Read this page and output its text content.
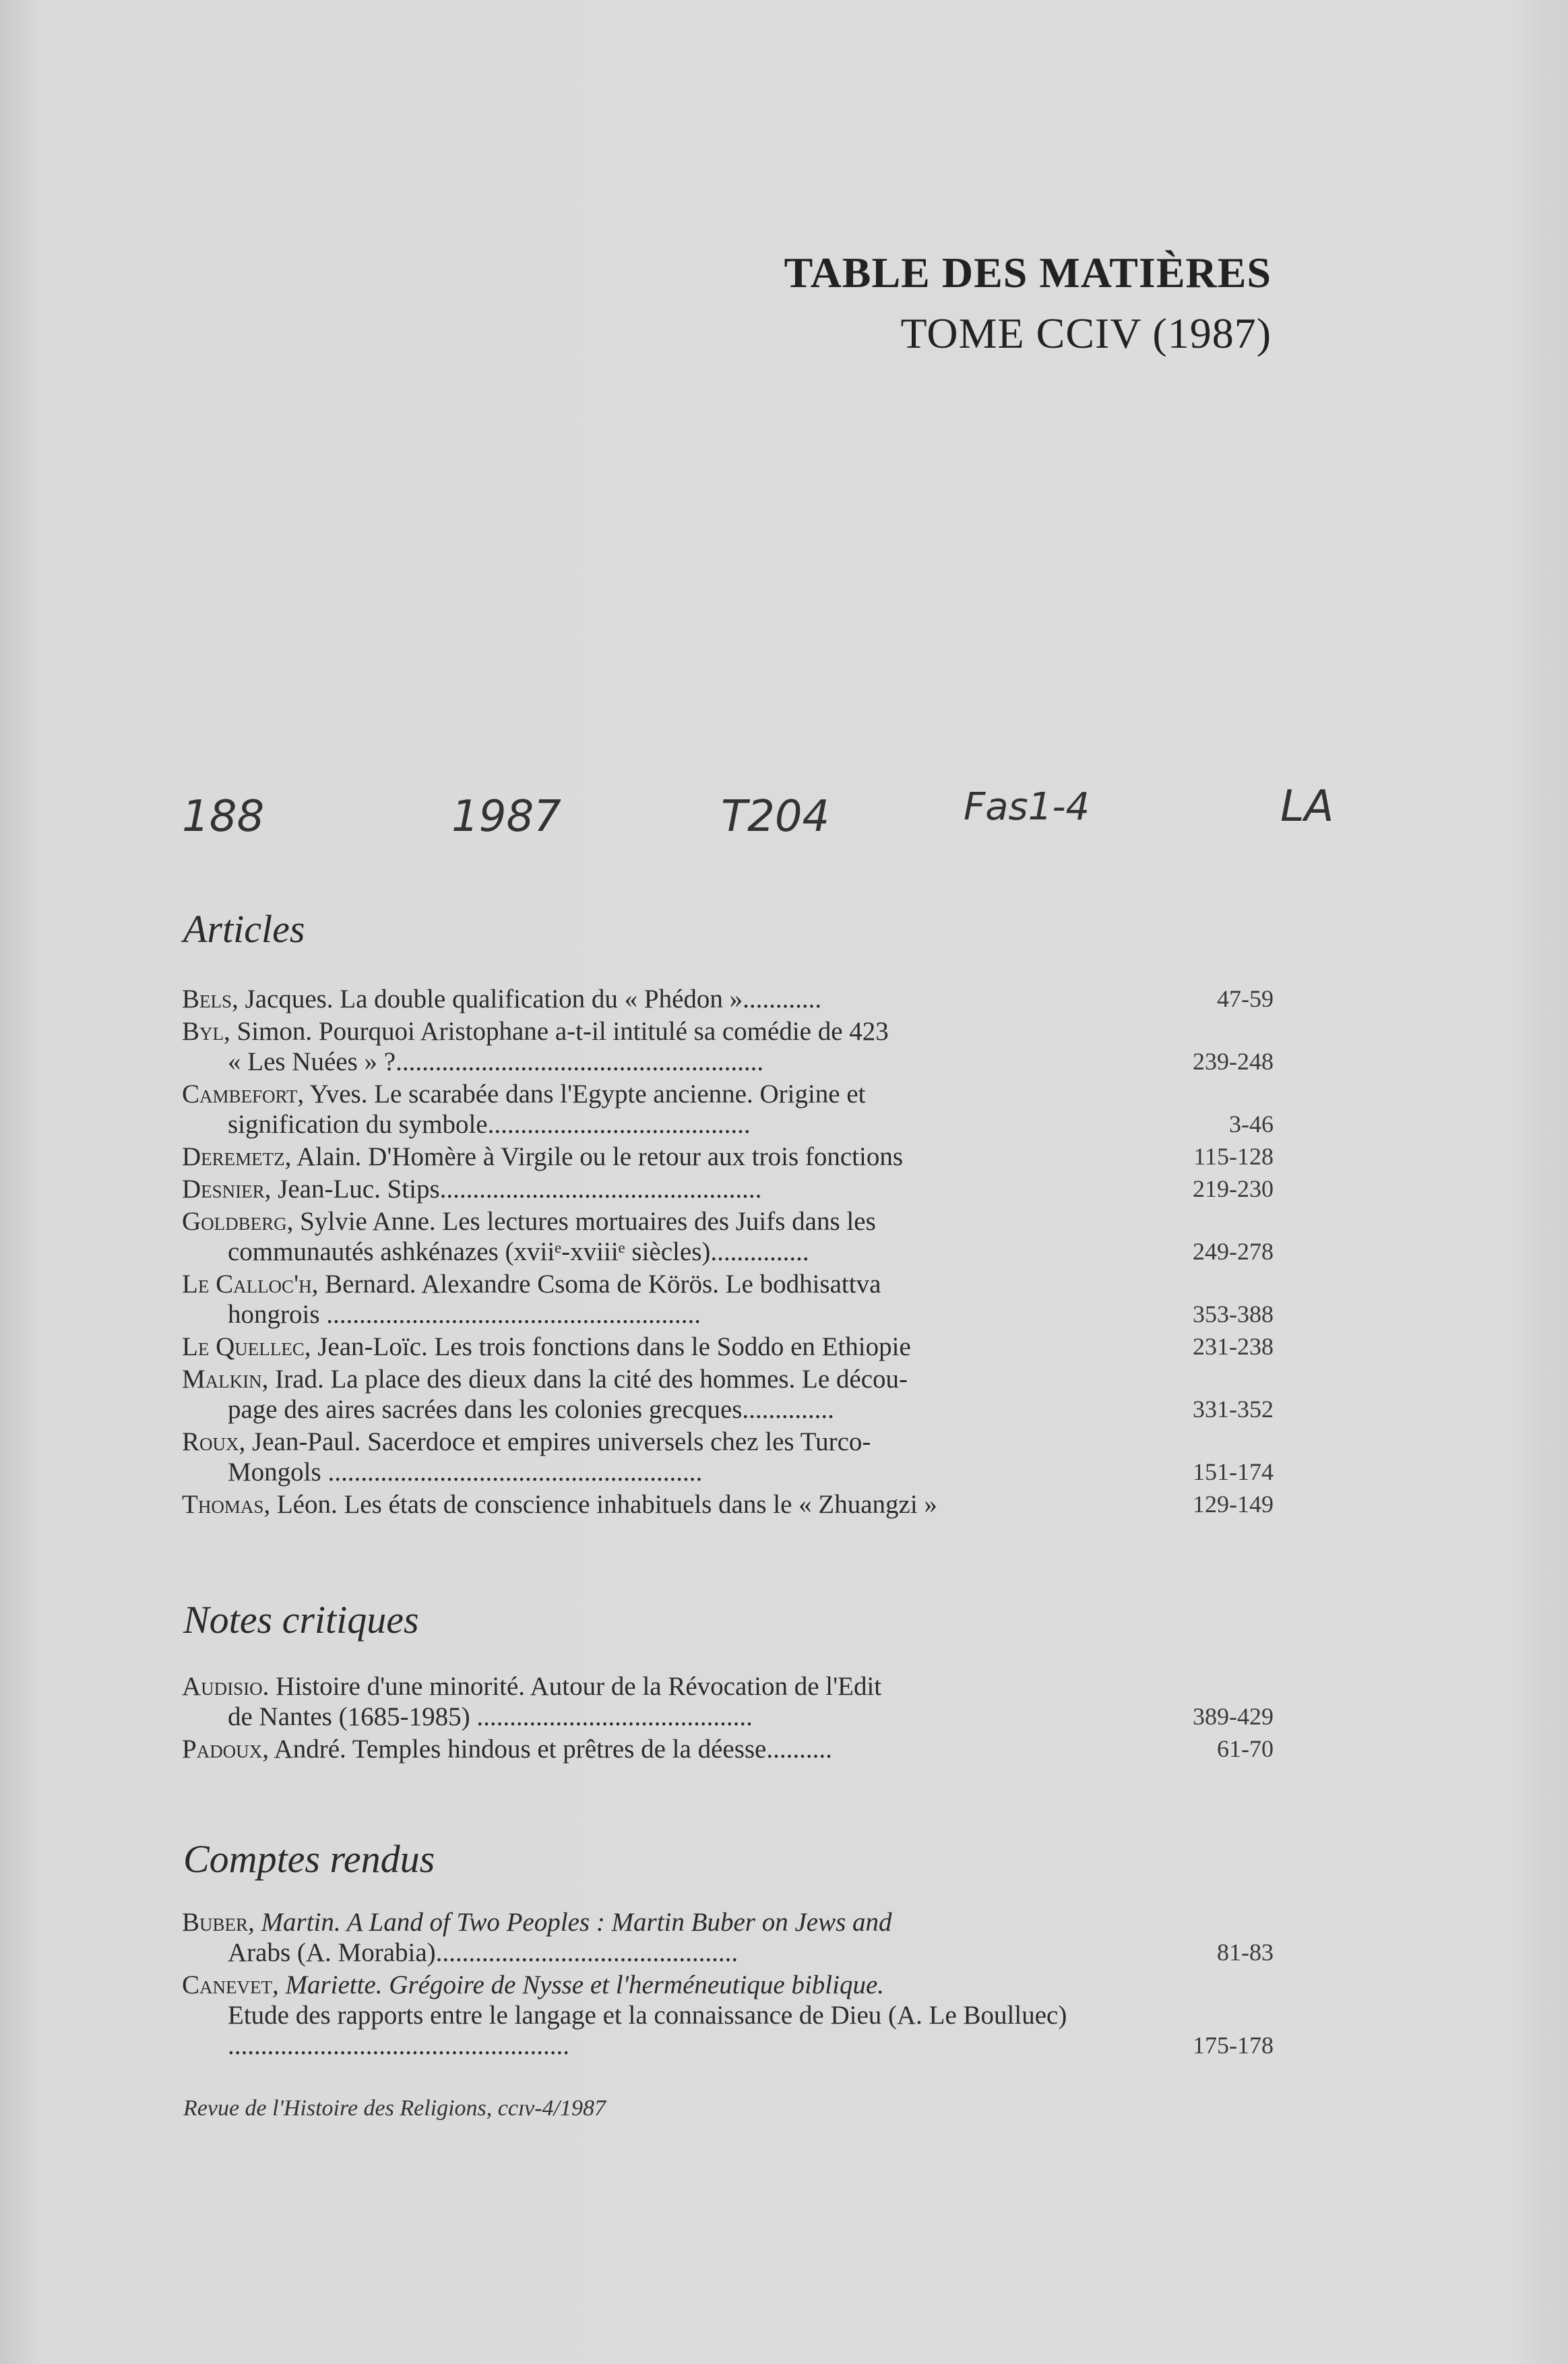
TABLE DES MATIÈRES
TOME CCIV (1987)
188	1987	T204	Fas1-4	LA
Articles
Bels, Jacques. La double qualification du « Phédon »............	47-59
Byl, Simon. Pourquoi Aristophane a-t-il intitulé sa comédie de 423
« Les Nuées » ?........................................................	239-248
Cambefort, Yves. Le scarabée dans l'Egypte ancienne. Origine et
signification du symbole........................................	3-46
Deremetz, Alain. D'Homère à Virgile ou le retour aux trois fonctions	115-128
Desnier, Jean-Luc. Stips.................................................	219-230
Goldberg, Sylvie Anne. Les lectures mortuaires des Juifs dans les
communautés ashkénazes (xviiᵉ-xviiiᵉ siècles)...............	249-278
Le Calloc'h, Bernard. Alexandre Csoma de Körös. Le bodhisattva
hongrois .........................................................	353-388
Le Quellec, Jean-Loïc. Les trois fonctions dans le Soddo en Ethiopie	231-238
Malkin, Irad. La place des dieux dans la cité des hommes. Le décou-
page des aires sacrées dans les colonies grecques..............	331-352
Roux, Jean-Paul. Sacerdoce et empires universels chez les Turco-
Mongols .........................................................	151-174
Thomas, Léon. Les états de conscience inhabituels dans le « Zhuangzi »	129-149
Notes critiques
Audisio. Histoire d'une minorité. Autour de la Révocation de l'Edit
de Nantes (1685-1985) ..........................................	389-429
Padoux, André. Temples hindous et prêtres de la déesse..........	61-70
Comptes rendus
Buber, Martin. A Land of Two Peoples : Martin Buber on Jews and
Arabs (A. Morabia)..............................................	81-83
Canevet, Mariette. Grégoire de Nysse et l'herméneutique biblique.
Etude des rapports entre le langage et la connaissance de Dieu (A. Le Boulluec) ....................................................	175-178
Revue de l'Histoire des Religions, ccɪv-4/1987
